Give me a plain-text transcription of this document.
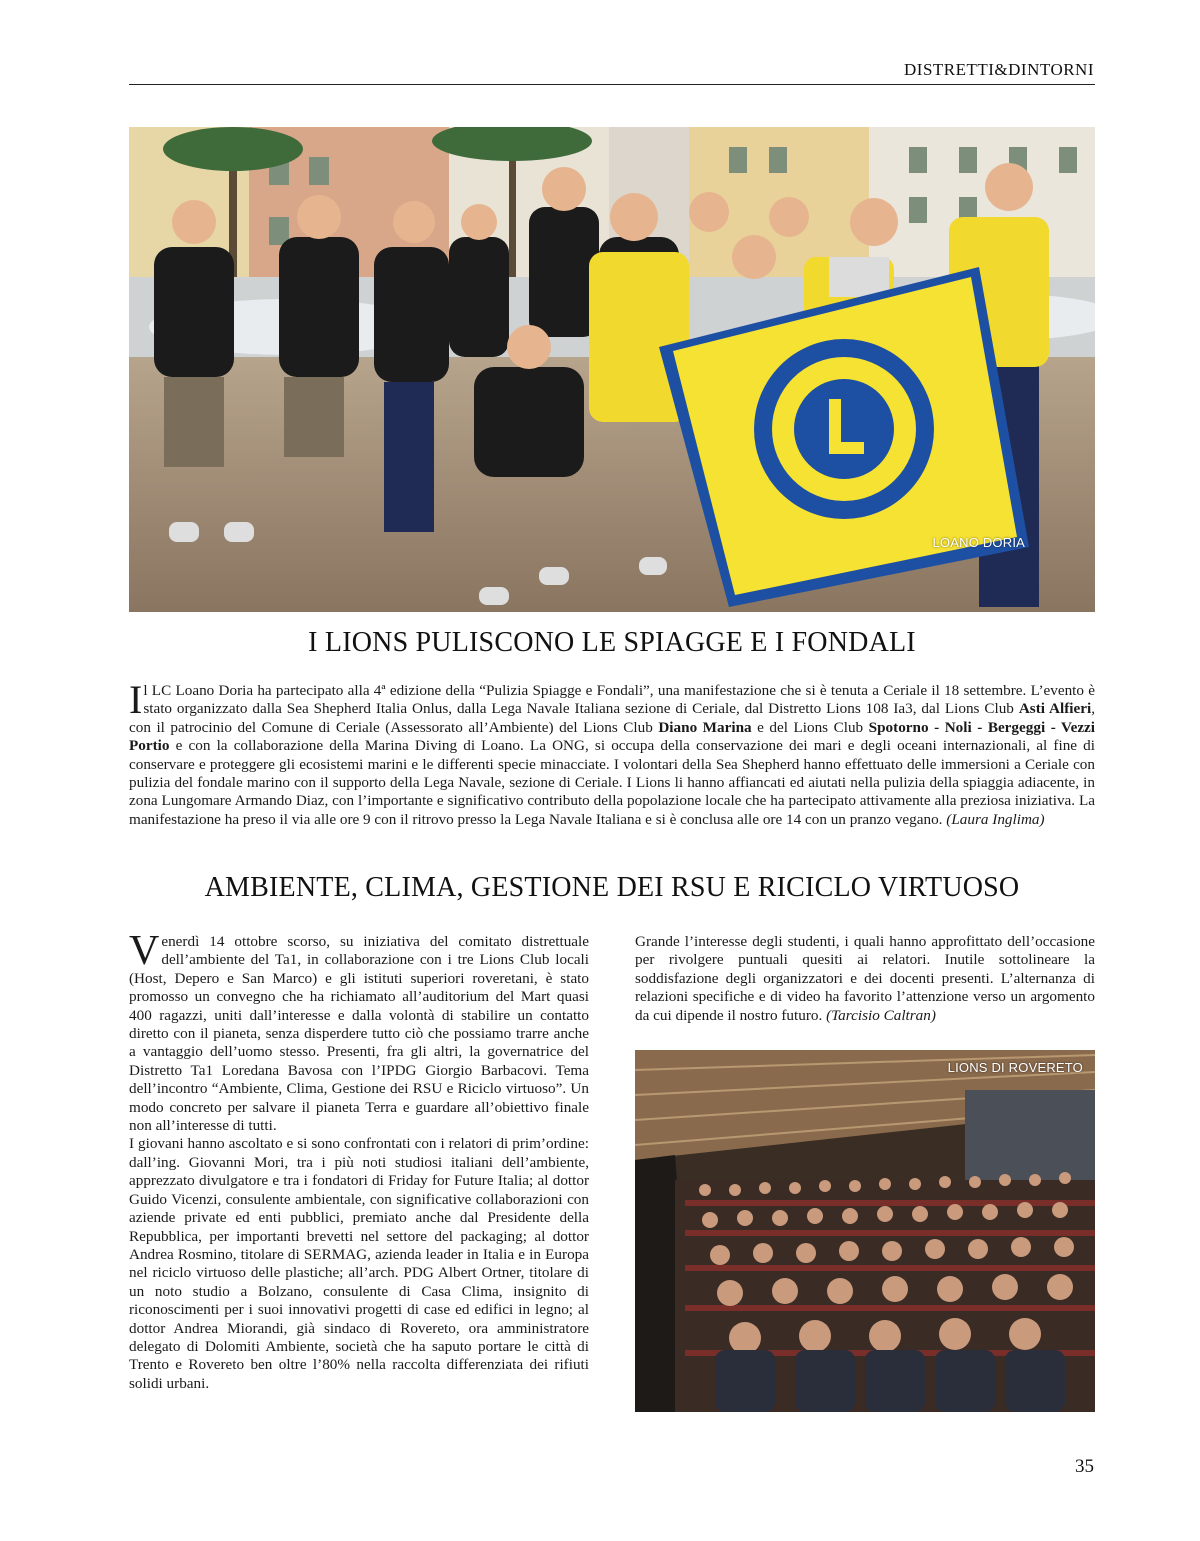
DISTRETTI&DINTORNI
LOANO DORIA
I LIONS PULISCONO LE SPIAGGE E I FONDALI
Il LC Loano Doria ha partecipato alla 4ª edizione della “Pulizia Spiagge e Fondali”, una manifestazione che si è tenuta a Ceriale il 18 settembre. L’evento è stato organizzato dalla Sea Shepherd Italia Onlus, dalla Lega Navale Italiana sezione di Ceriale, dal Distretto Lions 108 Ia3, dal Lions Club Asti Alfieri, con il patrocinio del Comune di Ceriale (Assessorato all’Ambiente) del Lions Club Diano Marina e del Lions Club Spotorno - Noli - Bergeggi - Vezzi Portio e con la collaborazione della Marina Diving di Loano. La ONG, si occupa della conservazione dei mari e degli oceani internazionali, al fine di conservare e proteggere gli ecosistemi marini e le differenti specie minacciate. I volontari della Sea Shepherd hanno effettuato delle immersioni a Ceriale con pulizia del fondale marino con il supporto della Lega Navale, sezione di Ceriale. I Lions li hanno affiancati ed aiutati nella pulizia della spiaggia adiacente, in zona Lungomare Armando Diaz, con l’importante e significativo contributo della popolazione locale che ha partecipato attivamente alla preziosa iniziativa. La manifestazione ha preso il via alle ore 9 con il ritrovo presso la Lega Navale Italiana e si è conclusa alle ore 14 con un pranzo vegano. (Laura Inglima)
AMBIENTE, CLIMA, GESTIONE DEI RSU E RICICLO VIRTUOSO
Venerdì 14 ottobre scorso, su iniziativa del comitato distrettuale dell’ambiente del Ta1, in collaborazione con i tre Lions Club locali (Host, Depero e San Marco) e gli istituti superiori roveretani, è stato promosso un convegno che ha richiamato all’auditorium del Mart quasi 400 ragazzi, uniti dall’interesse e dalla volontà di stabilire un contatto diretto con il pianeta, senza disperdere tutto ciò che possiamo trarre anche a vantaggio dell’uomo stesso. Presenti, fra gli altri, la governatrice del Distretto Ta1 Loredana Bavosa con l’IPDG Giorgio Barbacovi. Tema dell’incontro “Ambiente, Clima, Gestione dei RSU e Riciclo virtuoso”. Un modo concreto per salvare il pianeta Terra e guardare all’obiettivo finale non all’interesse di tutti.
I giovani hanno ascoltato e si sono confrontati con i relatori di prim’ordine: dall’ing. Giovanni Mori, tra i più noti studiosi italiani dell’ambiente, apprezzato divulgatore e tra i fondatori di Friday for Future Italia; al dottor Guido Vicenzi, consulente ambientale, con significative collaborazioni con aziende private ed enti pubblici, premiato anche dal Presidente della Repubblica, per importanti brevetti nel settore del packaging; al dottor Andrea Rosmino, titolare di SERMAG, azienda leader in Italia e in Europa nel riciclo virtuoso delle plastiche; all’arch. PDG Albert Ortner, titolare di un noto studio a Bolzano, consulente di Casa Clima, insignito di riconoscimenti per i suoi innovativi progetti di case ed edifici in legno; al dottor Andrea Miorandi, già sindaco di Rovereto, ora amministratore delegato di Dolomiti Ambiente, società che ha saputo portare le città di Trento e Rovereto ben oltre l’80% nella raccolta differenziata dei rifiuti solidi urbani.
Grande l’interesse degli studenti, i quali hanno approfittato dell’occasione per rivolgere puntuali quesiti ai relatori. Inutile sottolineare la soddisfazione degli organizzatori e dei docenti presenti. L’alternanza di relazioni specifiche e di video ha favorito l’attenzione verso un argomento da cui dipende il nostro futuro. (Tarcisio Caltran)
LIONS DI ROVERETO
35
